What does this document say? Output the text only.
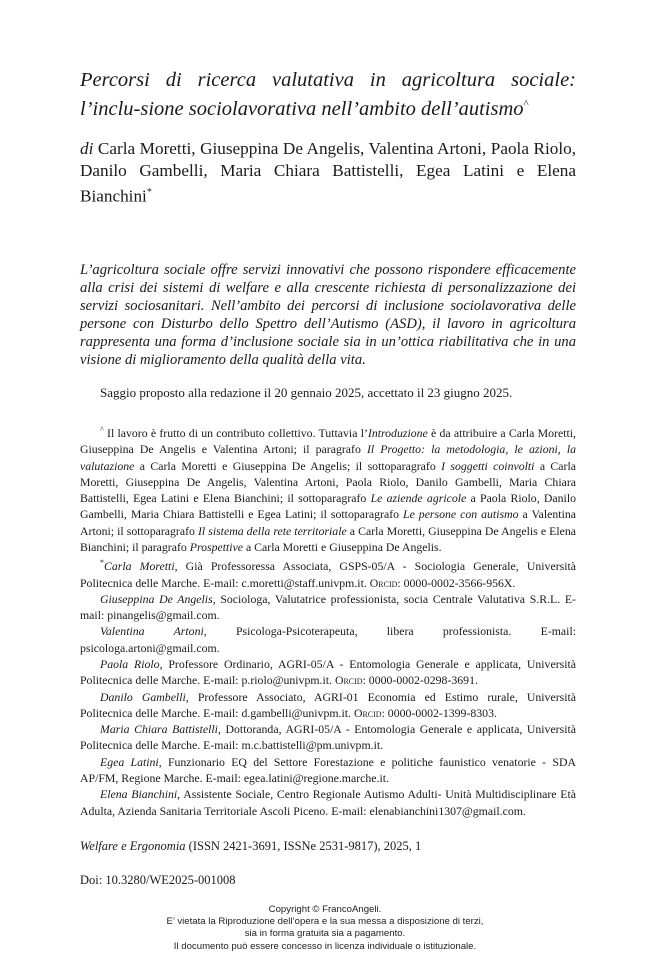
Percorsi di ricerca valutativa in agricoltura sociale: l’inclu-sione sociolavorativa nell’ambito dell’autismo^
di Carla Moretti, Giuseppina De Angelis, Valentina Artoni, Paola Riolo, Danilo Gambelli, Maria Chiara Battistelli, Egea Latini e Elena Bianchini*
L’agricoltura sociale offre servizi innovativi che possono rispondere efficacemente alla crisi dei sistemi di welfare e alla crescente richiesta di personalizzazione dei servizi sociosanitari. Nell’ambito dei percorsi di inclusione sociolavorativa delle persone con Disturbo dello Spettro dell’Autismo (ASD), il lavoro in agricoltura rappresenta una forma d’inclusione sociale sia in un’ottica riabilitativa che in una visione di miglioramento della qualità della vita.
Saggio proposto alla redazione il 20 gennaio 2025, accettato il 23 giugno 2025.

^ Il lavoro è frutto di un contributo collettivo. Tuttavia l’Introduzione è da attribuire a Carla Moretti, Giuseppina De Angelis e Valentina Artoni; il paragrafo Il Progetto: la metodologia, le azioni, la valutazione a Carla Moretti e Giuseppina De Angelis; il sottoparagrafo I soggetti coinvolti a Carla Moretti, Giuseppina De Angelis, Valentina Artoni, Paola Riolo, Danilo Gambelli, Maria Chiara Battistelli, Egea Latini e Elena Bianchini; il sottoparagrafo Le aziende agricole a Paola Riolo, Danilo Gambelli, Maria Chiara Battistelli e Egea Latini; il sottoparagrafo Le persone con autismo a Valentina Artoni; il sottoparagrafo Il sistema della rete territoriale a Carla Moretti, Giuseppina De Angelis e Elena Bianchini; il paragrafo Prospettive a Carla Moretti e Giuseppina De Angelis.

*Carla Moretti, Già Professoressa Associata, GSPS-05/A - Sociologia Generale, Università Politecnica delle Marche. E-mail: c.moretti@staff.univpm.it. Orcid: 0000-0002-3566-956X.

Giuseppina De Angelis, Sociologa, Valutatrice professionista, socia Centrale Valutativa S.R.L. E-mail: pinangelis@gmail.com.

Valentina Artoni, Psicologa-Psicoterapeuta, libera professionista. E-mail: psicologa.artoni@gmail.com.

Paola Riolo, Professore Ordinario, AGRI-05/A - Entomologia Generale e applicata, Università Politecnica delle Marche. E-mail: p.riolo@univpm.it. Orcid: 0000-0002-0298-3691.

Danilo Gambelli, Professore Associato, AGRI-01 Economia ed Estimo rurale, Università Politecnica delle Marche. E-mail: d.gambelli@univpm.it. Orcid: 0000-0002-1399-8303.

Maria Chiara Battistelli, Dottoranda, AGRI-05/A - Entomologia Generale e applicata, Università Politecnica delle Marche. E-mail: m.c.battistelli@pm.univpm.it.

Egea Latini, Funzionario EQ del Settore Forestazione e politiche faunistico venatorie - SDA AP/FM, Regione Marche. E-mail: egea.latini@regione.marche.it.

Elena Bianchini, Assistente Sociale, Centro Regionale Autismo Adulti- Unità Multidisciplinare Età Adulta, Azienda Sanitaria Territoriale Ascoli Piceno. E-mail: elenabianchini1307@gmail.com.

Welfare e Ergonomia (ISSN 2421-3691, ISSNe 2531-9817), 2025, 1
Doi: 10.3280/WE2025-001008
Copyright © FrancoAngeli.
E’ vietata la Riproduzione dell’opera e la sua messa a disposizione di terzi,
sia in forma gratuita sia a pagamento.
Il documento può essere concesso in licenza individuale o istituzionale.
